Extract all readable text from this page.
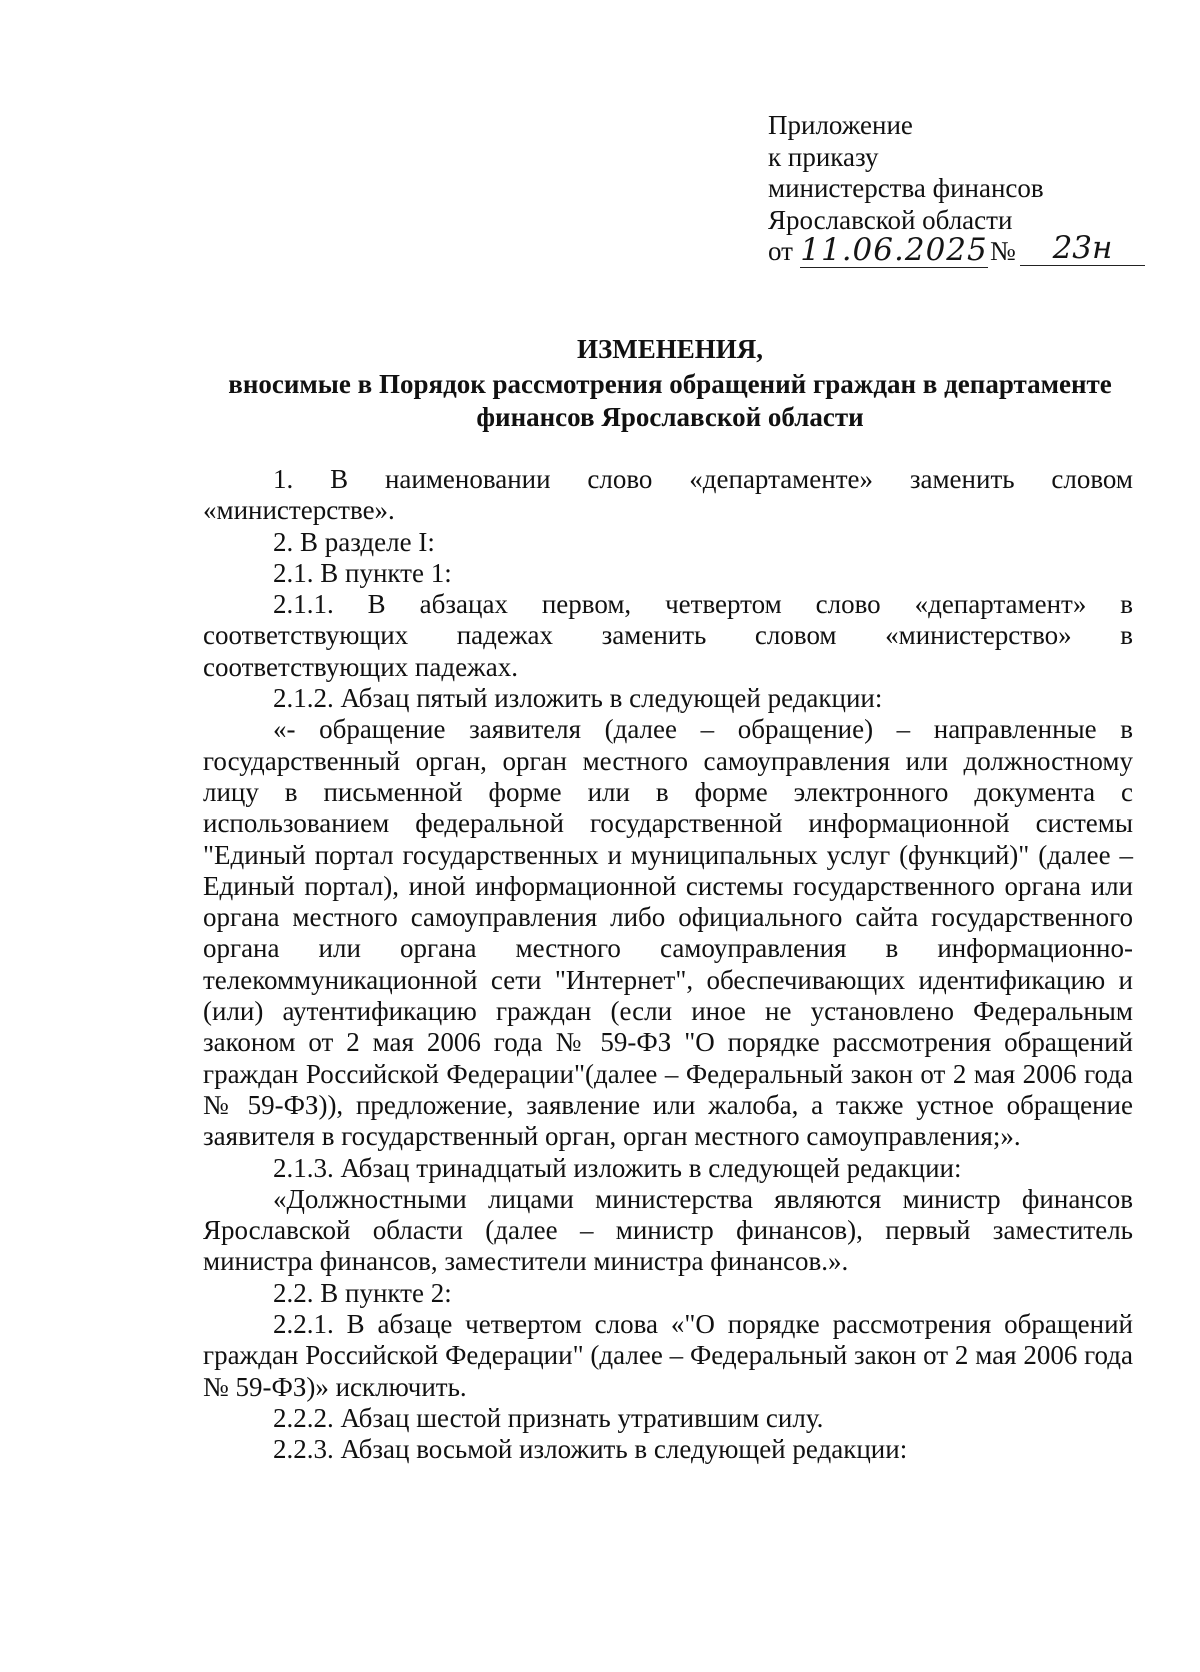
Приложение
к приказу
министерства финансов
Ярославской области
от 11.06.2025 №	23н
ИЗМЕНЕНИЯ,
вносимые в Порядок рассмотрения обращений граждан в департаменте
финансов Ярославской области

1. В наименовании слово «департаменте» заменить словом «министерстве».

2. В разделе I:

2.1. В пункте 1:

2.1.1. В абзацах первом, четвертом слово «департамент» в соответствующих падежах заменить словом «министерство» в соответствующих падежах.

2.1.2. Абзац пятый изложить в следующей редакции:

«- обращение заявителя (далее – обращение) – направленные в государственный орган, орган местного самоуправления или должностному лицу в письменной форме или в форме электронного документа с использованием федеральной государственной информационной системы "Единый портал государственных и муниципальных услуг (функций)" (далее – Единый портал), иной информационной системы государственного органа или органа местного самоуправления либо официального сайта государственного органа или органа местного самоуправления в информационно-телекоммуникационной сети "Интернет", обеспечивающих идентификацию и (или) аутентификацию граждан (если иное не установлено Федеральным законом от 2 мая 2006 года № 59-ФЗ "О порядке рассмотрения обращений граждан Российской Федерации"(далее – Федеральный закон от 2 мая 2006 года № 59-ФЗ)), предложение, заявление или жалоба, а также устное обращение заявителя в государственный орган, орган местного самоуправления;».

2.1.3. Абзац тринадцатый изложить в следующей редакции:

«Должностными лицами министерства являются министр финансов Ярославской области (далее – министр финансов), первый заместитель министра финансов, заместители министра финансов.».

2.2. В пункте 2:

2.2.1. В абзаце четвертом слова «"О порядке рассмотрения обращений граждан Российской Федерации" (далее – Федеральный закон от 2 мая 2006 года № 59-ФЗ)» исключить.

2.2.2. Абзац шестой признать утратившим силу.

2.2.3. Абзац восьмой изложить в следующей редакции:
